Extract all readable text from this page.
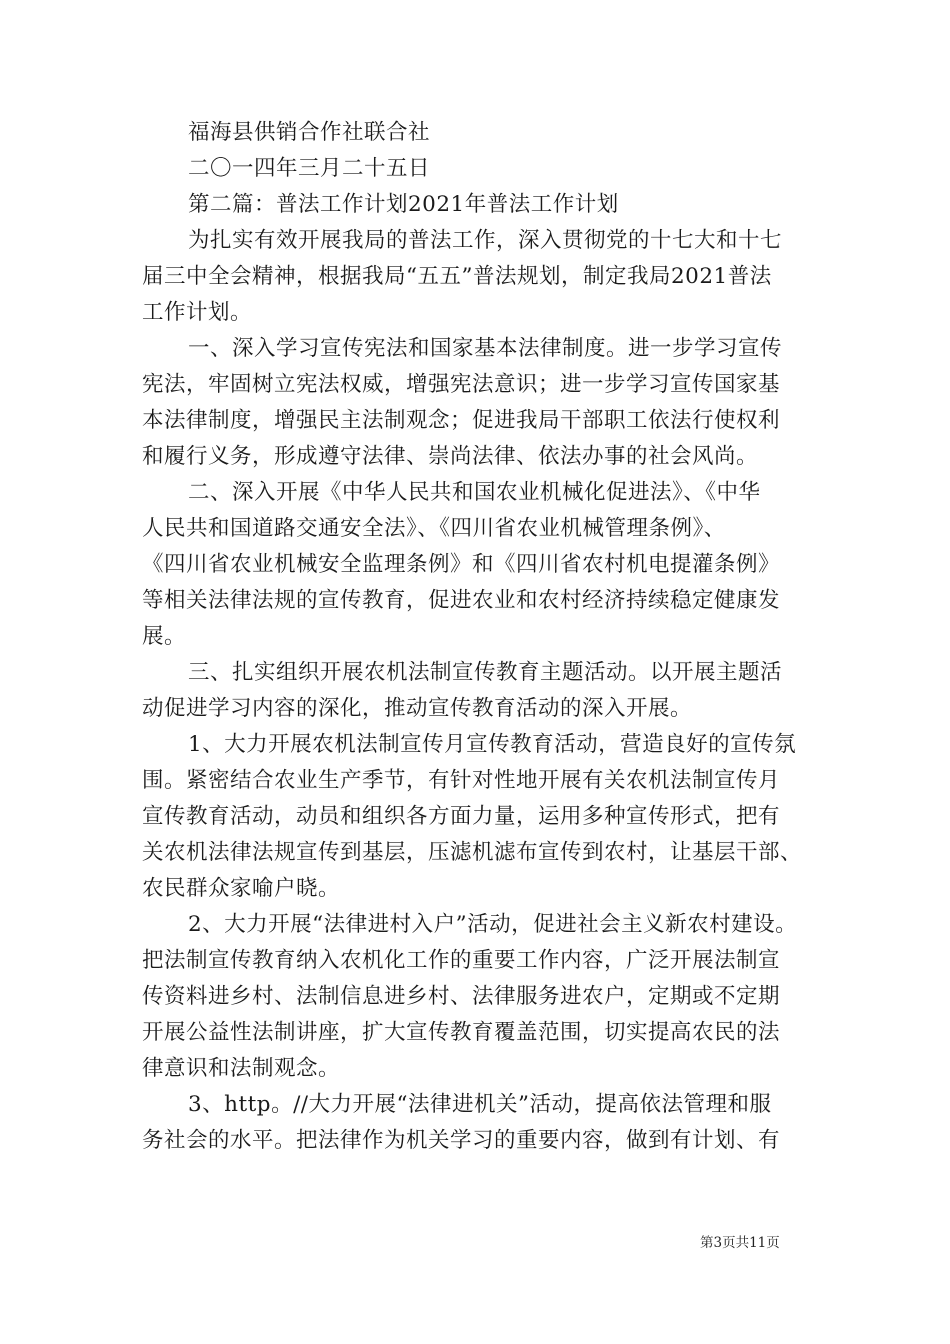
福海县供销合作社联合社
二〇一四年三月二十五日
第二篇：普法工作计划2021年普法工作计划
为扎实有效开展我局的普法工作，深入贯彻党的十七大和十七
届三中全会精神，根据我局“五五”普法规划，制定我局2021普法
工作计划。
一、深入学习宣传宪法和国家基本法律制度。进一步学习宣传
宪法，牢固树立宪法权威，增强宪法意识；进一步学习宣传国家基
本法律制度，增强民主法制观念；促进我局干部职工依法行使权利
和履行义务，形成遵守法律、崇尚法律、依法办事的社会风尚。
二、深入开展《中华人民共和国农业机械化促进法》、《中华
人民共和国道路交通安全法》、《四川省农业机械管理条例》、
《四川省农业机械安全监理条例》和《四川省农村机电提灌条例》
等相关法律法规的宣传教育，促进农业和农村经济持续稳定健康发
展。
三、扎实组织开展农机法制宣传教育主题活动。以开展主题活
动促进学习内容的深化，推动宣传教育活动的深入开展。
1、大力开展农机法制宣传月宣传教育活动，营造良好的宣传氛
围。紧密结合农业生产季节，有针对性地开展有关农机法制宣传月
宣传教育活动，动员和组织各方面力量，运用多种宣传形式，把有
关农机法律法规宣传到基层，压滤机滤布宣传到农村，让基层干部、
农民群众家喻户晓。
2、大力开展“法律进村入户”活动，促进社会主义新农村建设。
把法制宣传教育纳入农机化工作的重要工作内容，广泛开展法制宣
传资料进乡村、法制信息进乡村、法律服务进农户，定期或不定期
开展公益性法制讲座，扩大宣传教育覆盖范围，切实提高农民的法
律意识和法制观念。
3、http。//大力开展“法律进机关”活动，提高依法管理和服
务社会的水平。把法律作为机关学习的重要内容，做到有计划、有
第3页共11页
